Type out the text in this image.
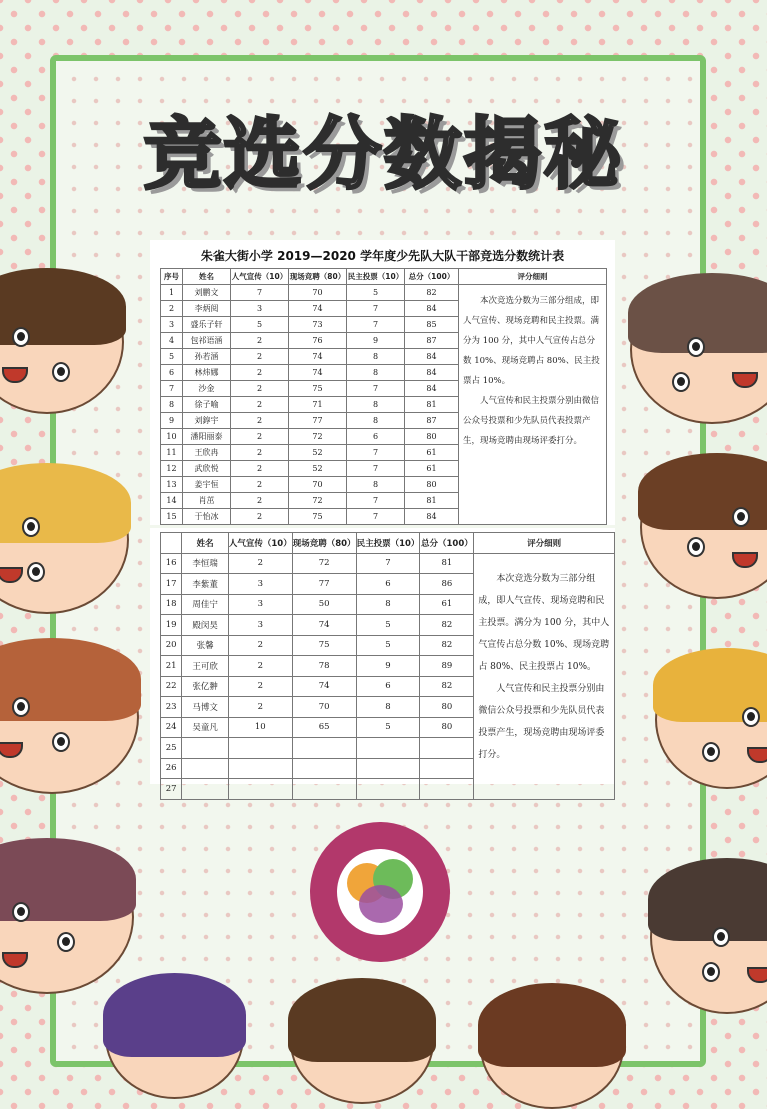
竞选分数揭秘
朱雀大街小学 2019—2020 学年度少先队大队干部竞选分数统计表
序号	姓名	人气宣传（10）	现场竞聘（80）	民主投票（10）	总分（100）	评分细则
1	刘鹏文	7	70	5	82	本次竞选分数为三部分组成，即人气宣传、现场竞聘和民主投票。满分为 100 分，其中人气宣传占总分数 10%、现场竞聘占 80%、民主投票占 10%。

人气宣传和民主投票分别由微信公众号投票和少先队员代表投票产生，现场竞聘由现场评委打分。

2	李炳阅	3	74	7	84	
3	盛乐子轩	5	73	7	85	
4	包祁语涵	2	76	9	87	
5	孙若涵	2	74	8	84	
6	林炜娜	2	74	8	84	
7	沙金	2	75	7	84	
8	徐子喻	2	71	8	81	
9	刘錞宇	2	77	8	87	
10	潘阳丽泰	2	72	6	80	
11	王欣冉	2	52	7	61	
12	武欣悦	2	52	7	61	
13	姜宇恒	2	70	8	80	
14	肖茁	2	72	7	81	
15	于怡冰	2	75	7	84	
	姓名	人气宣传（10）	现场竞聘（80）	民主投票（10）	总分（100）	评分细则
16	李恒瑞	2	72	7	81	本次竞选分数为三部分组成，即人气宣传、现场竞聘和民主投票。满分为 100 分，其中人气宣传占总分数 10%、现场竞聘占 80%、民主投票占 10%。

人气宣传和民主投票分别由微信公众号投票和少先队员代表投票产生，现场竞聘由现场评委打分。

17	李紫董	3	77	6	86	
18	周佳宁	3	50	8	61	
19	殿闵昊	3	74	5	82	
20	张馨	2	75	5	82	
21	王可欣	2	78	9	89	
22	张亿翀	2	74	6	82	
23	马博文	2	70	8	80	
24	吴童凡	10	65	5	80	
25						
26						
27						
